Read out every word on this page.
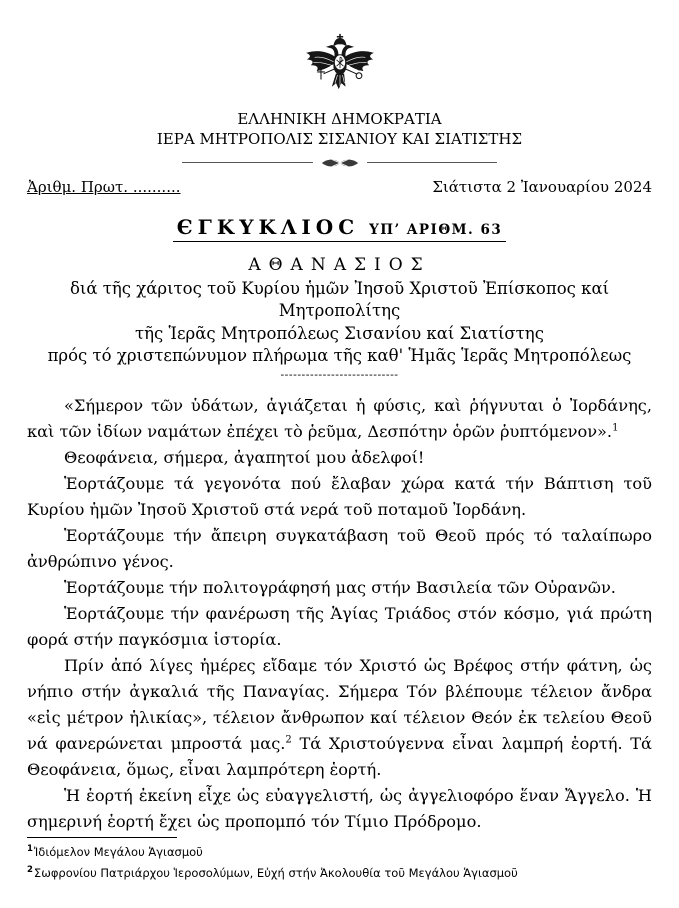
ΕΛΛΗΝΙΚΗ ΔΗΜΟΚΡΑΤΙΑ
ΙΕΡΑ ΜΗΤΡΟΠΟΛΙΣ ΣΙΣΑΝΙΟΥ ΚΑΙ ΣΙΑΤΙΣΤΗΣ
Ἀριθμ. Πρωτ. ..........	Σιάτιστα 2 Ἰανουαρίου 2024
ЄΓΚΥΚΛΙΟC ΥΠ’ ΑΡΙΘΜ. 63
ΑΘΑΝΑΣΙΟΣ
διά τῆς χάριτος τοῦ Κυρίου ἡμῶν Ἰησοῦ Χριστοῦ Ἐπίσκοπος καί
Μητροπολίτης
τῆς Ἱερᾶς Μητροπόλεως Σισανίου καί Σιατίστης
πρός τό χριστεπώνυμον πλήρωμα τῆς καθ' Ἡμᾶς Ἱερᾶς Μητροπόλεως
----------------------------

«Σήμερον τῶν ὑδάτων, ἁγιάζεται ἡ φύσις, καὶ ῥήγνυται ὁ Ἰορδάνης, καὶ τῶν ἰδίων ναμάτων ἐπέχει τὸ ῥεῦμα, Δεσπότην ὁρῶν ῥυπτόμενον».$^1$

Θεοφάνεια, σήμερα, ἀγαπητοί μου ἀδελφοί!

Ἑορτάζουμε τά γεγονότα πού ἔλαβαν χώρα κατά τήν Βάπτιση τοῦ Κυρίου ἡμῶν Ἰησοῦ Χριστοῦ στά νερά τοῦ ποταμοῦ Ἰορδάνη.

Ἑορτάζουμε τήν ἄπειρη συγκατάβαση τοῦ Θεοῦ πρός τό ταλαίπωρο ἀνθρώπινο γένος.

Ἑορτάζουμε τήν πολιτογράφησή μας στήν Βασιλεία τῶν Οὐρανῶν.

Ἑορτάζουμε τήν φανέρωση τῆς Ἁγίας Τριάδος στόν κόσμο, γιά πρώτη φορά στήν παγκόσμια ἱστορία.

Πρίν ἀπό λίγες ἡμέρες εἴδαμε τόν Χριστό ὡς Βρέφος στήν φάτνη, ὡς νήπιο στήν ἀγκαλιά τῆς Παναγίας. Σήμερα Τόν βλέπουμε τέλειον ἄνδρα «εἰς μέτρον ἡλικίας», τέλειον ἄνθρωπον καί τέλειον Θεόν ἐκ τελείου Θεοῦ νά φανερώνεται μπροστά μας.$^2$ Τά Χριστούγεννα εἶναι λαμπρή ἑορτή. Τά Θεοφάνεια, ὅμως, εἶναι λαμπρότερη ἑορτή.

Ἡ ἑορτή ἐκείνη εἶχε ὡς εὐαγγελιστή, ὡς ἀγγελιοφόρο ἕναν Ἄγγελο. Ἡ σημερινή ἑορτή ἔχει ὡς προπομπό τόν Τίμιο Πρόδρομο.

$^1$Ἰδιόμελον Μεγάλου Ἁγιασμοῦ
$^2$Σωφρονίου Πατριάρχου Ἱεροσολύμων, Εὐχή στήν Ἀκολουθία τοῦ Μεγάλου Ἁγιασμοῦ
